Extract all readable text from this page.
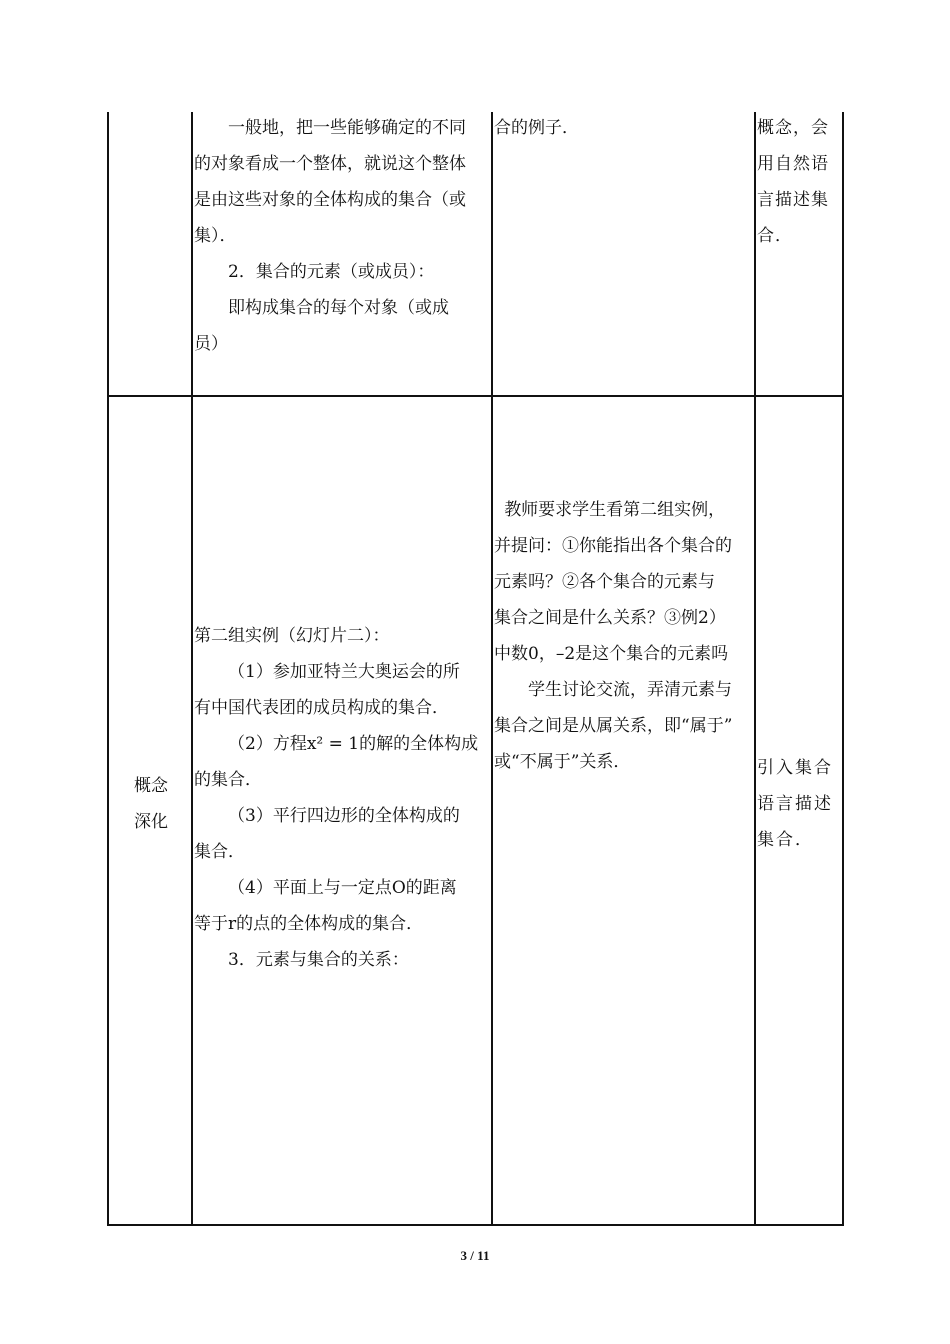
一般地，把一些能够确定的不同

的对象看成一个整体，就说这个整体

是由这些对象的全体构成的集合（或

集）．

2．集合的元素（或成员）：

即构成集合的每个对象（或成

员）

合的例子．	概念，会

用自然语

言描述集

合．

概念

深化

第二组实例（幻灯片二）：

（1）参加亚特兰大奥运会的所

有中国代表团的成员构成的集合．

（2）方程x² = 1的解的全体构成

的集合．

（3）平行四边形的全体构成的

集合．

（4）平面上与一定点O的距离

等于r的点的全体构成的集合．

3．元素与集合的关系：

教师要求学生看第二组实例，

并提问：①你能指出各个集合的

元素吗？②各个集合的元素与

集合之间是什么关系？③例2）

中数0，–2是这个集合的元素吗

学生讨论交流，弄清元素与

集合之间是从属关系，即“属于”

或“不属于”关系．	引入集合

语言描述

集合．

3 / 11
